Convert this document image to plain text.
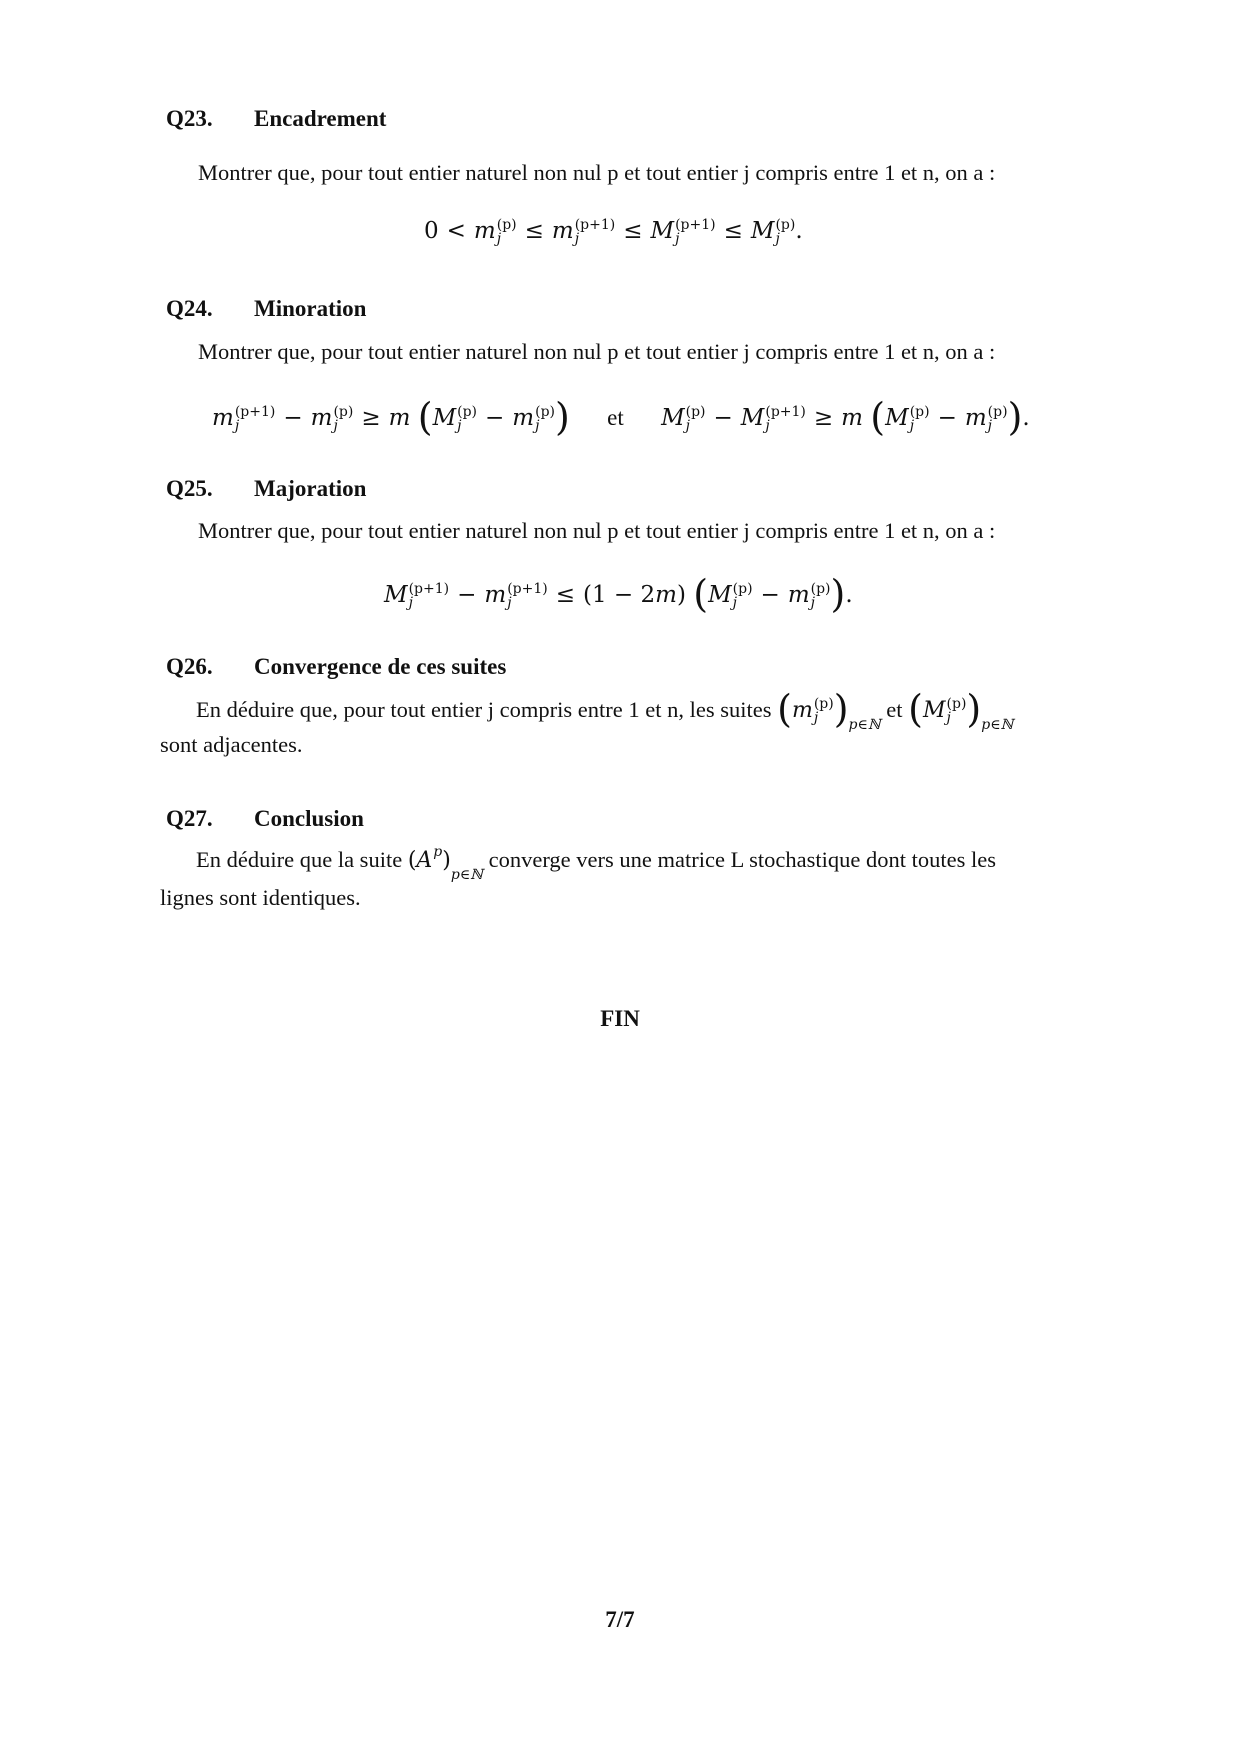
Q23.	Encadrement
Montrer que, pour tout entier naturel non nul p et tout entier j compris entre 1 et n, on a :
0 < m (p)
j	≤ m (p+1)
j	≤ M (p+1)
j	≤ M (p)
j .
Q24.	Minoration
Montrer que, pour tout entier naturel non nul p et tout entier j compris entre 1 et n, on a :
m (p+1)
j	− m (p)
j	≥ m (M (p)
j	− m (p)
j ) et M (p)
j	− M (p+1)
j	≥ m (M (p)
j	− m (p)
j ).
Q25.	Majoration
Montrer que, pour tout entier naturel non nul p et tout entier j compris entre 1 et n, on a :
M (p+1)
j	− m (p+1)
j	≤ (1 − 2m) (M (p)
j	− m (p)
j ).
Q26.	Convergence de ces suites
En déduire que, pour tout entier j compris entre 1 et n, les suites (m (p)
j )$_{p\in ℕ}$ et (M (p)
j )$_{p\in ℕ}$
sont adjacentes.
Q27.	Conclusion
En déduire que la suite $(A^p)_{p\in ℕ}$ converge vers une matrice L stochastique dont toutes les
lignes sont identiques.
FIN
7/7
